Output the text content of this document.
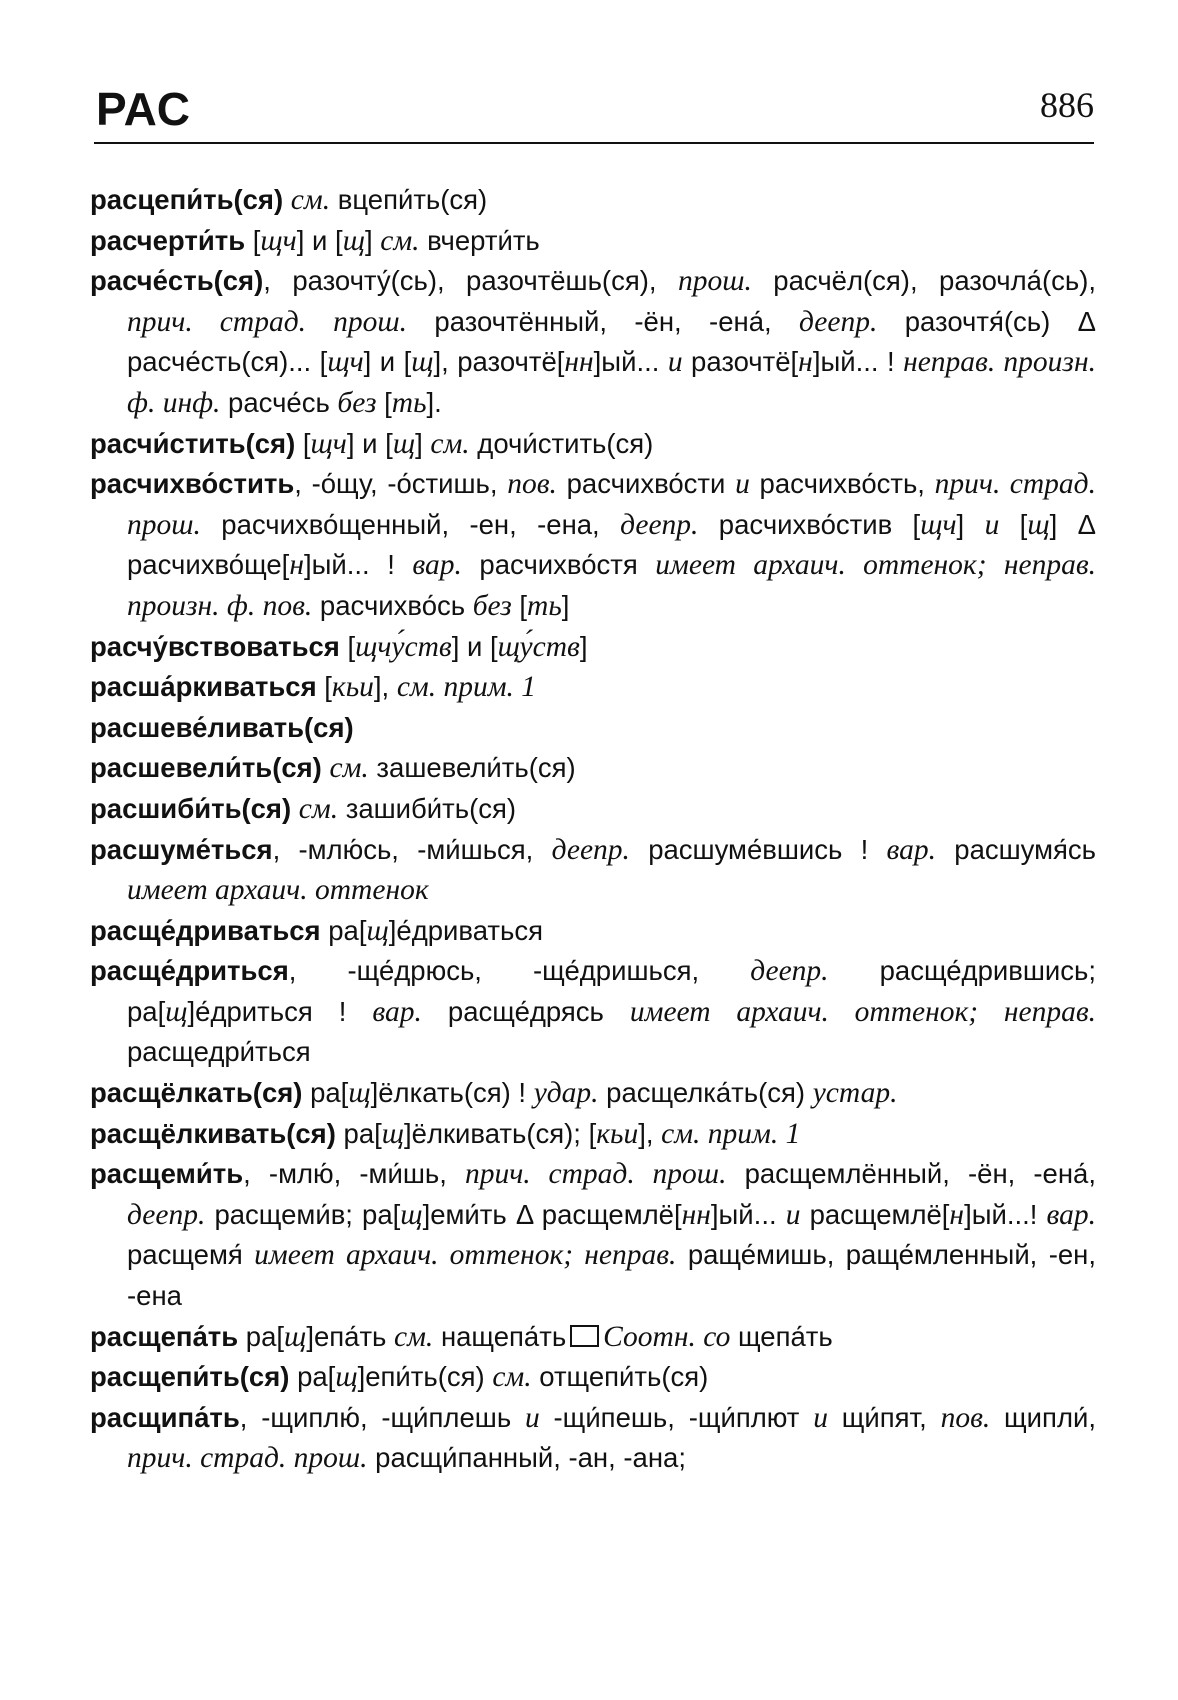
РАС	886
расцепи́ть(ся) см. вцепи́ть(ся)
расчерти́ть [щч] и [щ] см. вчерти́ть
расче́сть(ся), разочту́(сь), разочтёшь(ся), прош. расчёл(ся), разочла́(сь), прич. страд. прош. разочтённый, -ён, -ена́, деепр. разочтя́(сь) Δ расче́сть(ся)... [щч] и [щ], разочтё[нн]ый... и разочтё[н]ый... ! неправ. произн. ф. инф. расче́сь без [ть].
расчи́стить(ся) [щч] и [щ] см. дочи́стить(ся)
расчихво́стить, -о́щу, -о́стишь, пов. расчихво́сти и расчихво́сть, прич. страд. прош. расчихво́щенный, -ен, -ена, деепр. расчихво́стив [щч] и [щ] Δ расчихво́ще[н]ый... ! вар. расчихво́стя имеет архаич. оттенок; неправ. произн. ф. пов. расчихво́сь без [ть]
расчу́вствоваться [щчу́ств] и [щу́ств]
расша́ркиваться [кьи], см. прим. 1
расшеве́ливать(ся)
расшевели́ть(ся) см. зашевели́ть(ся)
расшиби́ть(ся) см. зашиби́ть(ся)
расшуме́ться, -млю́сь, -ми́шься, деепр. расшуме́вшись ! вар. расшумя́сь имеет архаич. оттенок
расще́дриваться ра[щ]е́дриваться
расще́дриться, -ще́дрюсь, -ще́дришься, деепр. расще́дрившись; ра[щ]е́дриться ! вар. расще́дрясь имеет архаич. оттенок; неправ. расщедри́ться
расщёлкать(ся) ра[щ]ёлкать(ся) ! удар. расщелка́ть(ся) устар.
расщёлкивать(ся) ра[щ]ёлкивать(ся); [кьи], см. прим. 1
расщеми́ть, -млю́, -ми́шь, прич. страд. прош. расщемлённый, -ён, -ена́, деепр. расщеми́в; ра[щ]еми́ть Δ расщемлё[нн]ый... и расщемлё[н]ый...! вар. расщемя́ имеет архаич. оттенок; неправ. раще́мишь, раще́мленный, -ен, -ена
расщепа́ть ра[щ]епа́ть см. нащепа́ть Соотн. со щепа́ть
расщепи́ть(ся) ра[щ]епи́ть(ся) см. отщепи́ть(ся)
расщипа́ть, -щиплю́, -щи́плешь и -щи́пешь, -щи́плют и щи́пят, пов. щипли́, прич. страд. прош. расщи́панный, -ан, -ана;
